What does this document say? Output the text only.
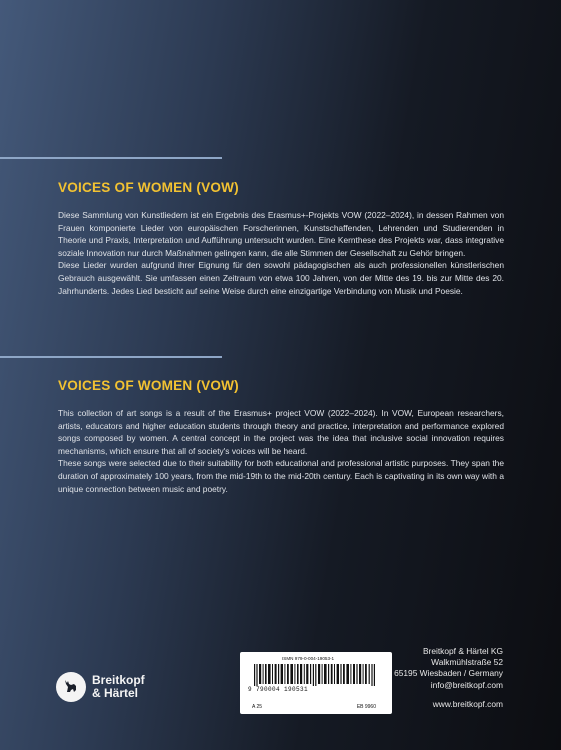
VOICES OF WOMEN (VOW)

Diese Sammlung von Kunstliedern ist ein Ergebnis des Erasmus+-Projekts VOW (2022–2024), in dessen Rahmen von Frauen komponierte Lieder von europäischen Forscherinnen, Kunstschaffenden, Lehrenden und Studierenden in Theorie und Praxis, Interpretation und Aufführung untersucht wurden. Eine Kernthese des Projekts war, dass integrative soziale Innovation nur durch Maßnahmen gelingen kann, die alle Stimmen der Gesellschaft zu Gehör bringen.

Diese Lieder wurden aufgrund ihrer Eignung für den sowohl pädagogischen als auch professionellen künstlerischen Gebrauch ausgewählt. Sie umfassen einen Zeitraum von etwa 100 Jahren, von der Mitte des 19. bis zur Mitte des 20. Jahrhunderts. Jedes Lied besticht auf seine Weise durch eine einzigartige Verbindung von Musik und Poesie.

VOICES OF WOMEN (VOW)

This collection of art songs is a result of the Erasmus+ project VOW (2022–2024). In VOW, European researchers, artists, educators and higher education students through theory and practice, interpretation and performance explored songs composed by women. A central concept in the project was the idea that inclusive social innovation requires mechanisms, which ensure that all of society's voices will be heard.

These songs were selected due to their suitability for both educational and professional artistic purposes. They span the duration of approximately 100 years, from the mid-19th to the mid-20th century. Each is captivating in its own way with a unique connection between music and poetry.

Breitkopf
& Härtel
ISMN 979-0-004-19053-1
9 790004 190531
A 25	EB 9960
Breitkopf & Härtel KG
Walkmühlstraße 52
65195 Wiesbaden / Germany
info@breitkopf.com
www.breitkopf.com
